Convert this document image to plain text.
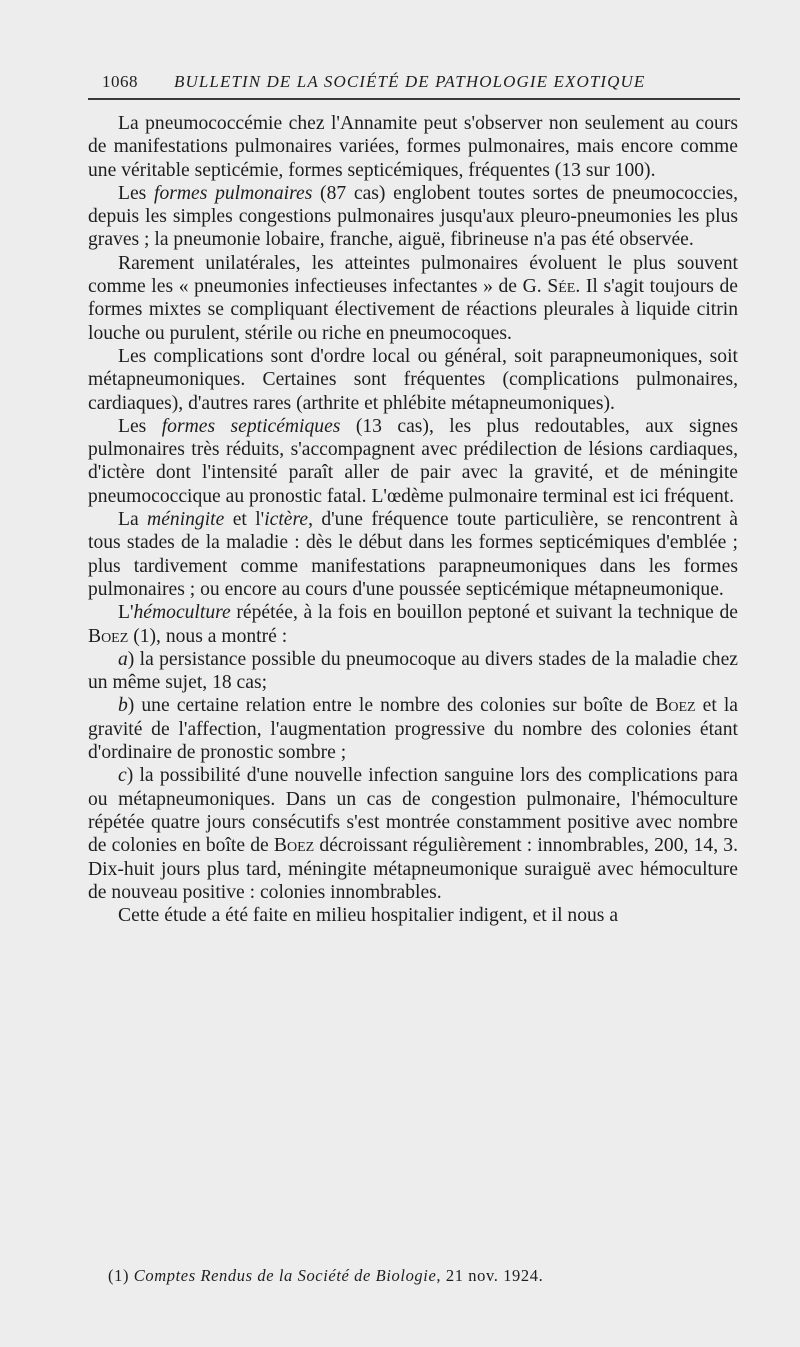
1068 BULLETIN DE LA SOCIÉTÉ DE PATHOLOGIE EXOTIQUE

La pneumococcémie chez l'Annamite peut s'observer non seulement au cours de manifestations pulmonaires variées, formes pulmonaires, mais encore comme une véritable septicémie, formes septicémiques, fréquentes (13 sur 100).

Les formes pulmonaires (87 cas) englobent toutes sortes de pneumococcies, depuis les simples congestions pulmonaires jusqu'aux pleuro-pneumonies les plus graves ; la pneumonie lobaire, franche, aiguë, fibrineuse n'a pas été observée.

Rarement unilatérales, les atteintes pulmonaires évoluent le plus souvent comme les « pneumonies infectieuses infectantes » de G. Sée. Il s'agit toujours de formes mixtes se compliquant électivement de réactions pleurales à liquide citrin louche ou purulent, stérile ou riche en pneumocoques.

Les complications sont d'ordre local ou général, soit parapneumoniques, soit métapneumoniques. Certaines sont fréquentes (complications pulmonaires, cardiaques), d'autres rares (arthrite et phlébite métapneumoniques).

Les formes septicémiques (13 cas), les plus redoutables, aux signes pulmonaires très réduits, s'accompagnent avec prédilection de lésions cardiaques, d'ictère dont l'intensité paraît aller de pair avec la gravité, et de méningite pneumococcique au pronostic fatal. L'œdème pulmonaire terminal est ici fréquent.

La méningite et l'ictère, d'une fréquence toute particulière, se rencontrent à tous stades de la maladie : dès le début dans les formes septicémiques d'emblée ; plus tardivement comme manifestations parapneumoniques dans les formes pulmonaires ; ou encore au cours d'une poussée septicémique métapneumonique.

L'hémoculture répétée, à la fois en bouillon peptoné et suivant la technique de Boez (1), nous a montré :

a) la persistance possible du pneumocoque au divers stades de la maladie chez un même sujet, 18 cas;

b) une certaine relation entre le nombre des colonies sur boîte de Boez et la gravité de l'affection, l'augmentation progressive du nombre des colonies étant d'ordinaire de pronostic sombre ;

c) la possibilité d'une nouvelle infection sanguine lors des complications para ou métapneumoniques. Dans un cas de congestion pulmonaire, l'hémoculture répétée quatre jours consécutifs s'est montrée constamment positive avec nombre de colonies en boîte de Boez décroissant régulièrement : innombrables, 200, 14, 3. Dix-huit jours plus tard, méningite métapneumonique suraiguë avec hémoculture de nouveau positive : colonies innombrables.

Cette étude a été faite en milieu hospitalier indigent, et il nous a

(1) Comptes Rendus de la Société de Biologie, 21 nov. 1924.
